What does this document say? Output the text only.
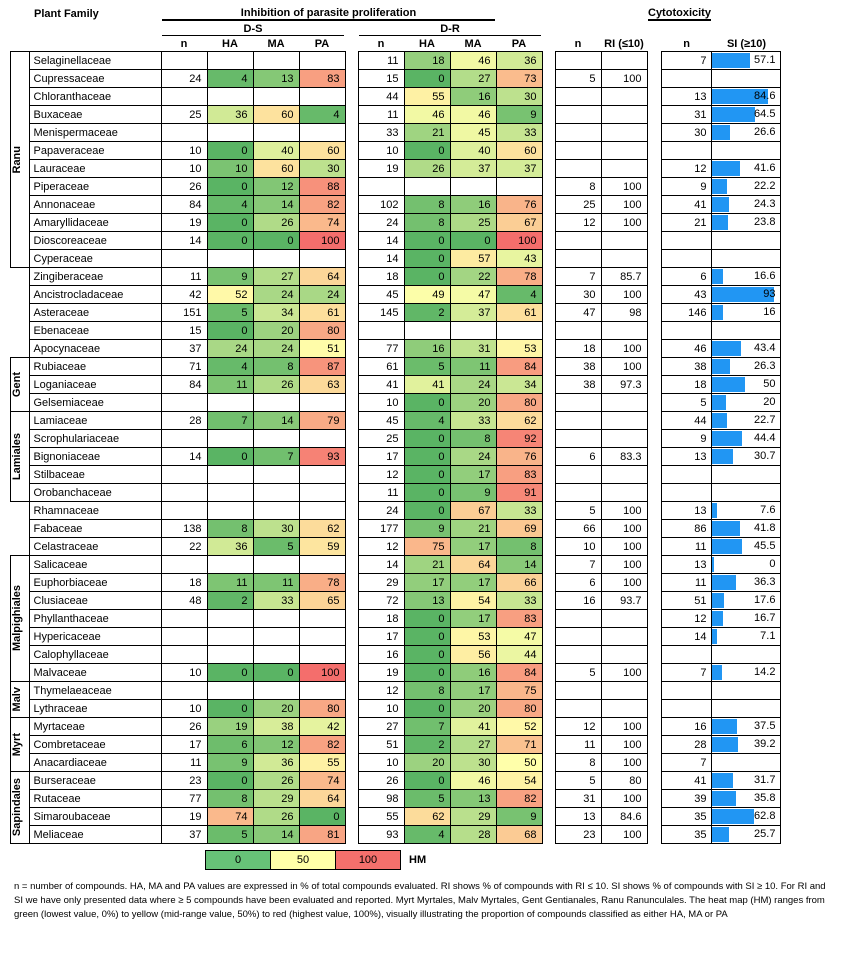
	Plant Family	Inhibition of parasite proliferation												Cytotoxicity		

		D-S					D-R									

		n	HA	MA	PA		n	HA	MA	PA		n	RI (≤10)		n	SI (≥10)

Ranu	Selaginellaceae						11	18	46	36					7	57.1

	Cupressaceae	24	4	13	83		15	0	27	73		5	100			

	Chloranthaceae						44	55	16	30					13	84.6

	Buxaceae	25	36	60	4		11	46	46	9					31	64.5

	Menispermaceae						33	21	45	33					30	26.6

	Papaveraceae	10	0	40	60		10	0	40	60						

	Lauraceae	10	10	60	30		19	26	37	37					12	41.6

	Piperaceae	26	0	12	88							8	100		9	22.2

	Annonaceae	84	4	14	82		102	8	16	76		25	100		41	24.3

	Amaryllidaceae	19	0	26	74		24	8	25	67		12	100		21	23.8

	Dioscoreaceae	14	0	0	100		14	0	0	100						

	Cyperaceae						14	0	57	43						

	Zingiberaceae	11	9	27	64		18	0	22	78		7	85.7		6	16.6

	Ancistrocladaceae	42	52	24	24		45	49	47	4		30	100		43	93

	Asteraceae	151	5	34	61		145	2	37	61		47	98		146	16

	Ebenaceae	15	0	20	80											

	Apocynaceae	37	24	24	51		77	16	31	53		18	100		46	43.4

Gent	Rubiaceae	71	4	8	87		61	5	11	84		38	100		38	26.3

	Loganiaceae	84	11	26	63		41	41	24	34		38	97.3		18	50

	Gelsemiaceae						10	0	20	80					5	20

Lamiales	Lamiaceae	28	7	14	79		45	4	33	62					44	22.7

	Scrophulariaceae						25	0	8	92					9	44.4

	Bignoniaceae	14	0	7	93		17	0	24	76		6	83.3		13	30.7

	Stilbaceae						12	0	17	83						

	Orobanchaceae						11	0	9	91						

	Rhamnaceae						24	0	67	33		5	100		13	7.6

	Fabaceae	138	8	30	62		177	9	21	69		66	100		86	41.8

	Celastraceae	22	36	5	59		12	75	17	8		10	100		11	45.5

Malpighiales	Salicaceae						14	21	64	14		7	100		13	0

	Euphorbiaceae	18	11	11	78		29	17	17	66		6	100		11	36.3

	Clusiaceae	48	2	33	65		72	13	54	33		16	93.7		51	17.6

	Phyllanthaceae						18	0	17	83					12	16.7

	Hypericaceae						17	0	53	47					14	7.1

	Calophyllaceae						16	0	56	44						

	Malvaceae	10	0	0	100		19	0	16	84		5	100		7	14.2

Malv	Thymelaeaceae						12	8	17	75						

	Lythraceae	10	0	20	80		10	0	20	80						

Myrt	Myrtaceae	26	19	38	42		27	7	41	52		12	100		16	37.5

	Combretaceae	17	6	12	82		51	2	27	71		11	100		28	39.2

	Anacardiaceae	11	9	36	55		10	20	30	50		8	100		7	

Sapindales	Burseraceae	23	0	26	74		26	0	46	54		5	80		41	31.7

	Rutaceae	77	8	29	64		98	5	13	82		31	100		39	35.8

	Simaroubaceae	19	74	26	0		55	62	29	9		13	84.6		35	62.8

	Meliaceae	37	5	14	81		93	4	28	68		23	100		35	25.7
0	50	100	HM
n = number of compounds. HA, MA and PA values are expressed in % of total compounds evaluated. RI shows % of compounds with RI ≤ 10. SI shows % of compounds with SI ≥ 10. For RI and SI we have only presented data where ≥ 5 compounds have been evaluated and reported. Myrt Myrtales, Malv Myrtales, Gent Gentianales, Ranu Ranunculales. The heat map (HM) ranges from green (lowest value, 0%) to yellow (mid-range value, 50%) to red (highest value, 100%), visually illustrating the proportion of compounds classified as either HA, MA or PA
